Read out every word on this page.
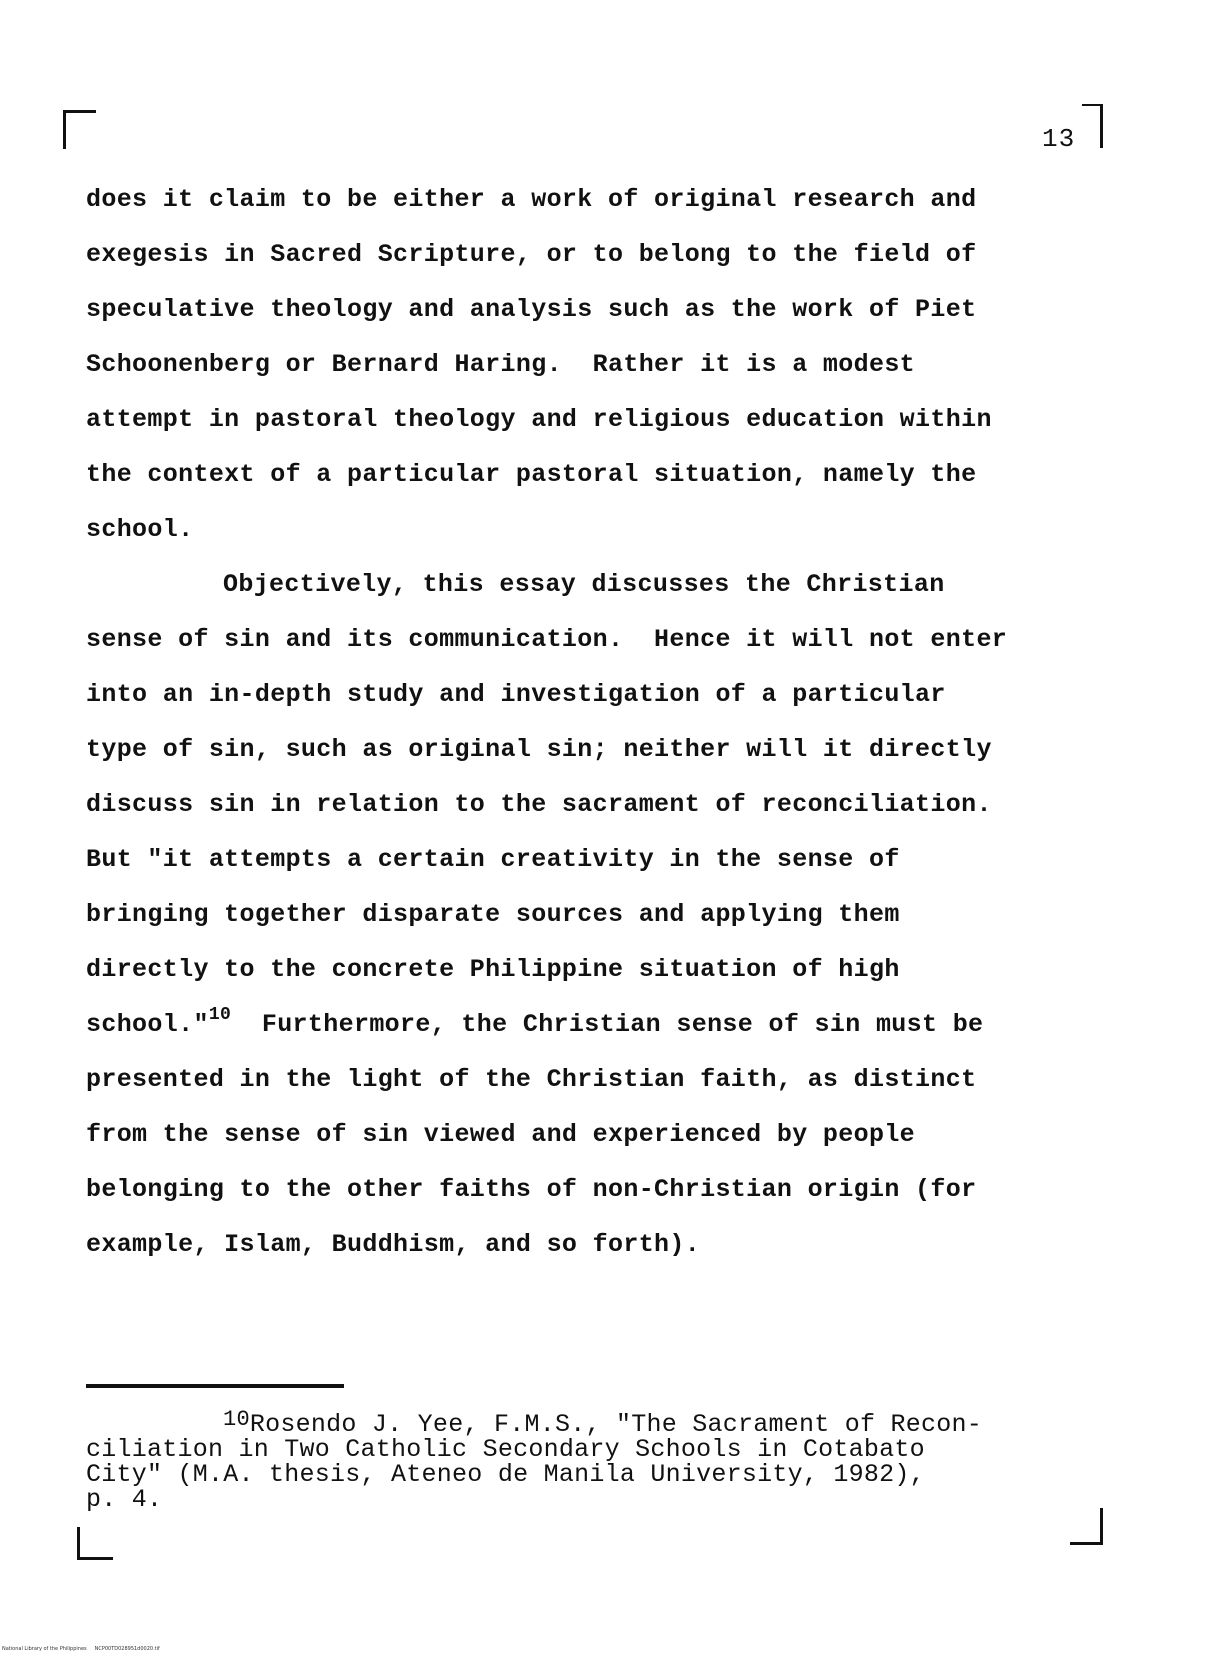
13
does it claim to be either a work of original research and
exegesis in Sacred Scripture, or to belong to the field of
speculative theology and analysis such as the work of Piet
Schoonenberg or Bernard Haring.  Rather it is a modest
attempt in pastoral theology and religious education within
the context of a particular pastoral situation, namely the
school.
Objectively, this essay discusses the Christian
sense of sin and its communication.  Hence it will not enter
into an in-depth study and investigation of a particular
type of sin, such as original sin; neither will it directly
discuss sin in relation to the sacrament of reconciliation.
But "it attempts a certain creativity in the sense of
bringing together disparate sources and applying them
directly to the concrete Philippine situation of high
school."$^{10}$  Furthermore, the Christian sense of sin must be
presented in the light of the Christian faith, as distinct
from the sense of sin viewed and experienced by people
belonging to the other faiths of non-Christian origin (for
example, Islam, Buddhism, and so forth).
$^{10}$Rosendo J. Yee, F.M.S., "The Sacrament of Recon-
ciliation in Two Catholic Secondary Schools in Cotabato
City" (M.A. thesis, Ateneo de Manila University, 1982),
p. 4.
National Library of the Philippines     NCP00TD028951d0020.tif
